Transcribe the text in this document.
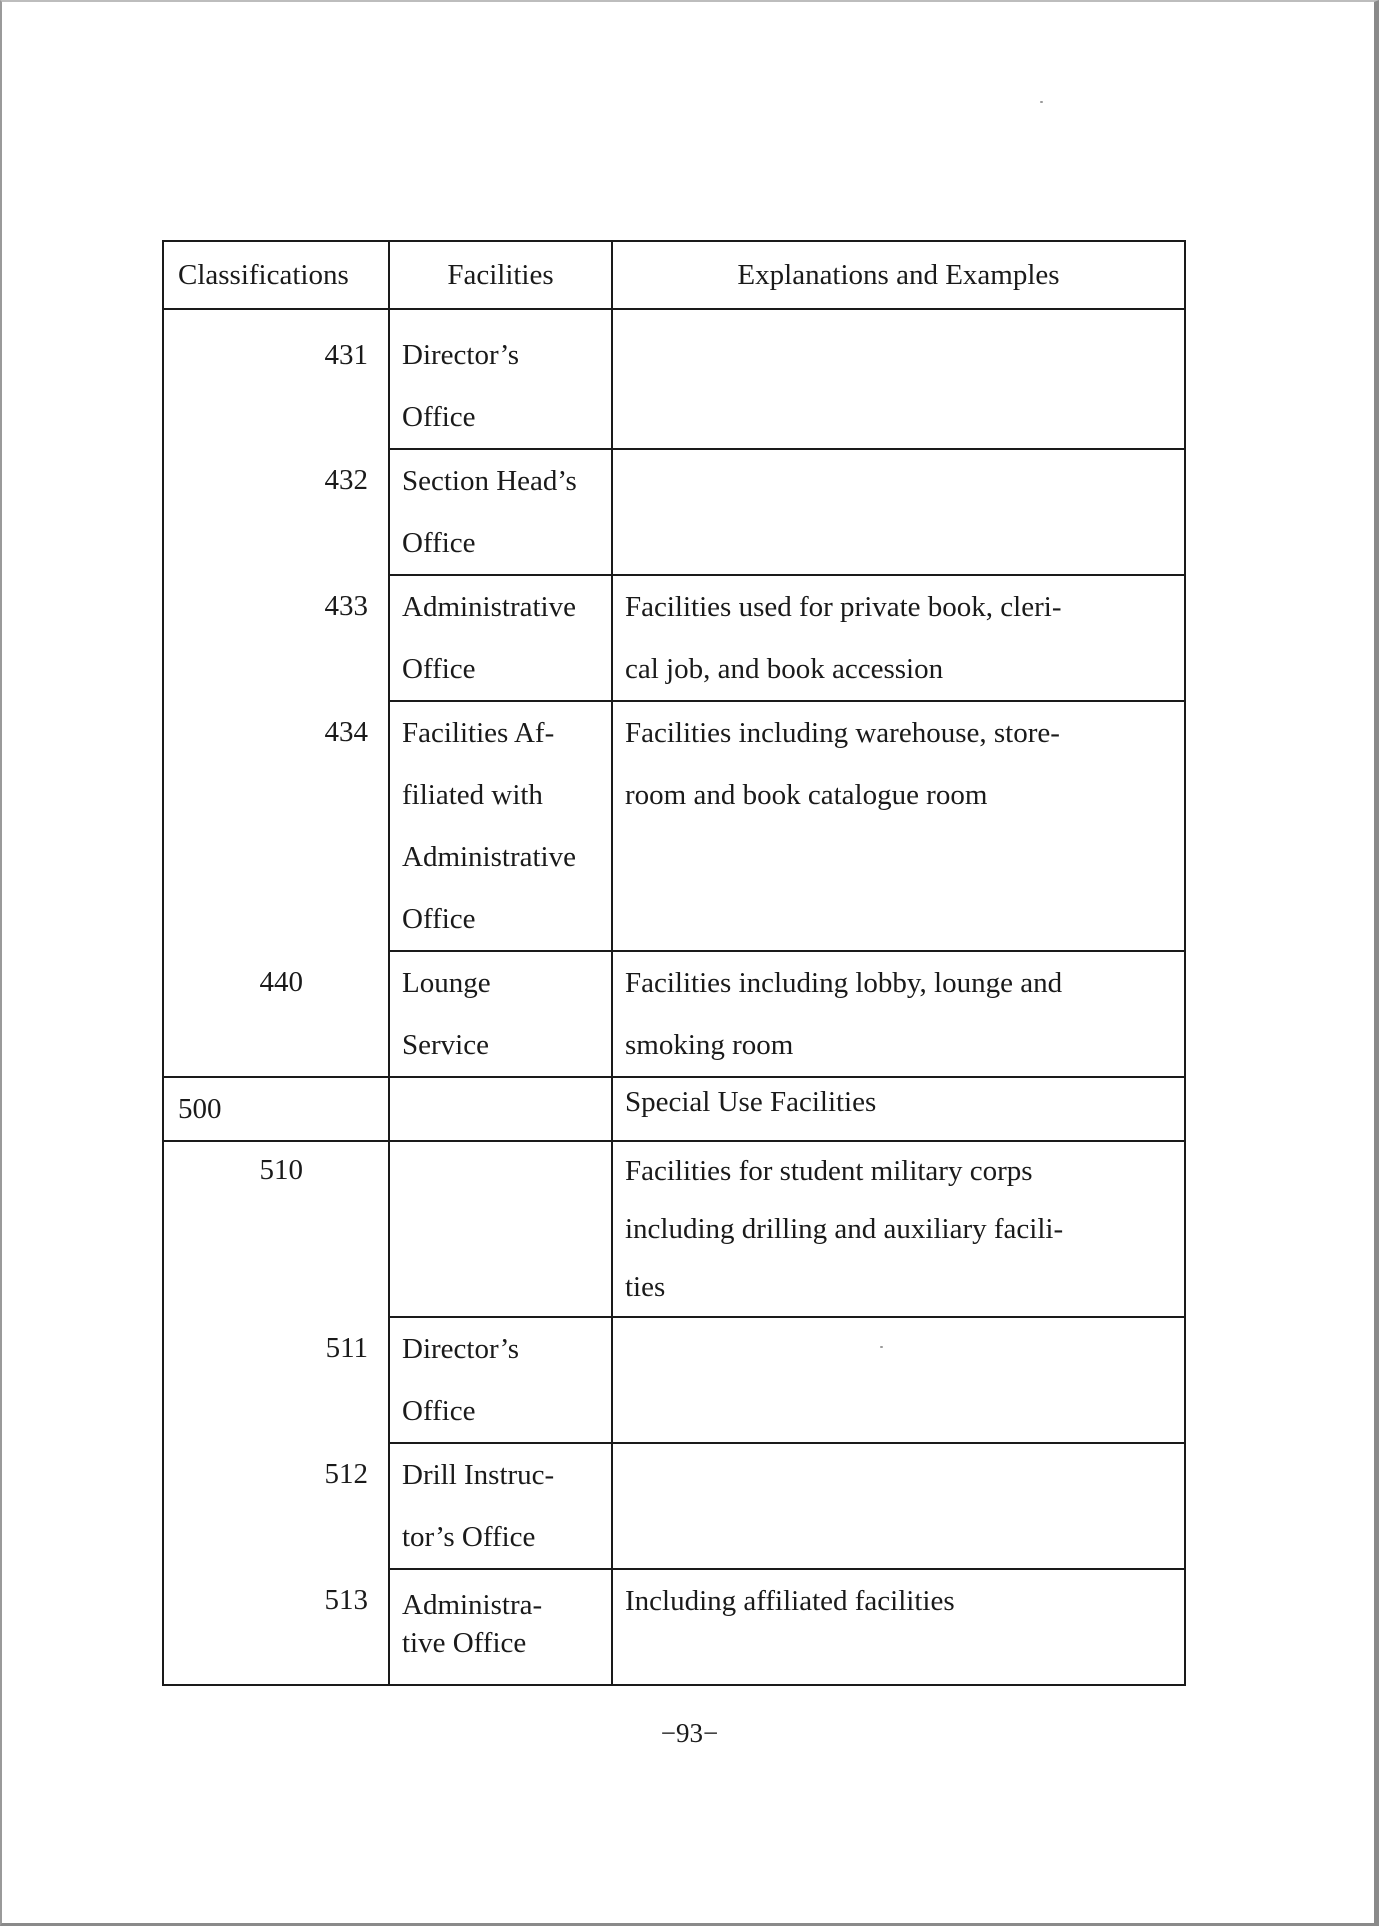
Classifications	Facilities	Explanations and Examples
431	Director’s
Office	

432	Section Head’s
Office	

433	Administrative
Office	Facilities used for private book, cleri-
cal job, and book accession

434	Facilities Af-
filiated with
Administrative
Office	Facilities including warehouse, store-
room and book catalogue room

440	Lounge
Service	Facilities including lobby, lounge and
smoking room

500		Special Use Facilities

510		Facilities for student military corps
including drilling and auxiliary facili-
ties

511	Director’s
Office	

512	Drill Instruc-
tor’s Office	

513	Administra-
tive Office	Including affiliated facilities
−93−
